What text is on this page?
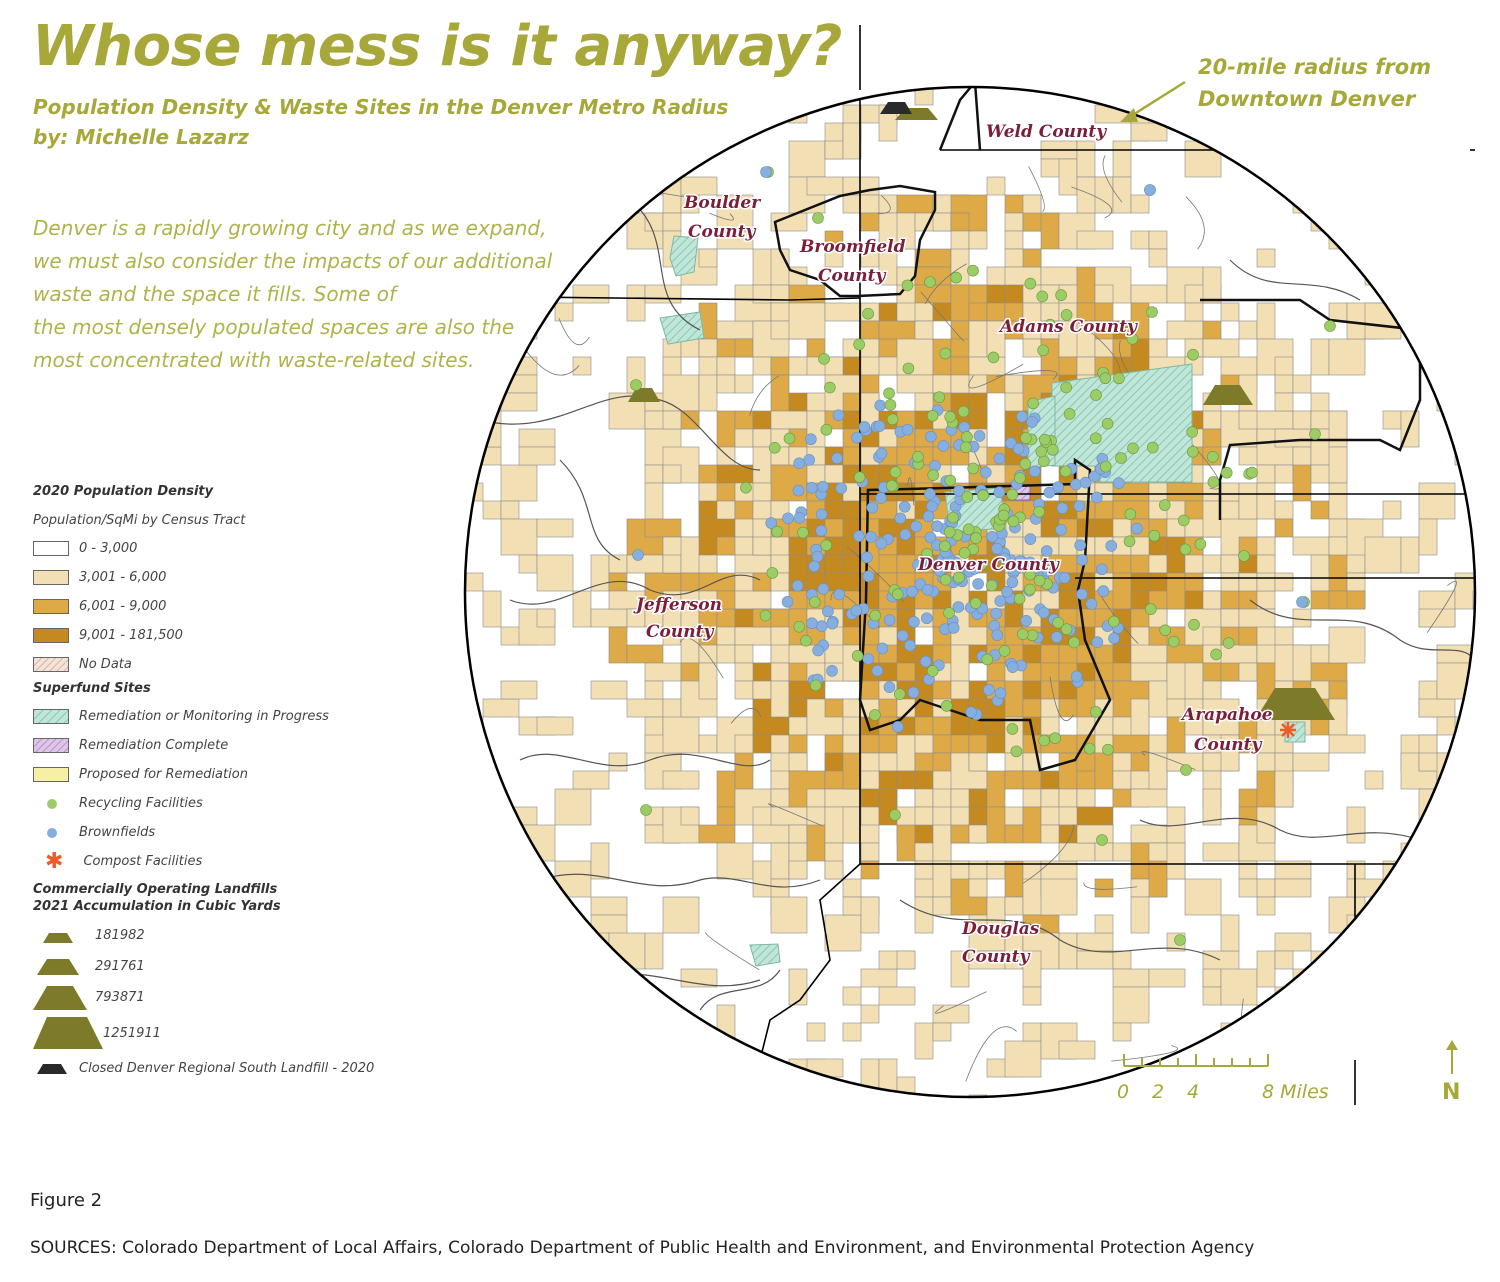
20-mile radius from
Downtown Denver
Weld County
Boulder
County
Broomfield
County
Adams County
Denver County
Jefferson
County
Arapahoe
County
Douglas
County
0 2 4	8 Miles	N
Whose mess is it anyway?
Population Density & Waste Sites in the Denver Metro Radius
by: Michelle Lazarz
Denver is a rapidly growing city and as we expand,
we must also consider the impacts of our additional
waste and the space it fills. Some of
the most densely populated spaces are also the
most concentrated with waste-related sites.
2020 Population Density
Population/SqMi by Census Tract
0 - 3,000
3,001 - 6,000
6,001 - 9,000
9,001 - 181,500
No Data
Superfund Sites
Remediation or Monitoring in Progress
Remediation Complete
Proposed for Remediation
Recycling Facilities
Brownfields
✱ Compost Facilities
Commercially Operating Landfills
2021 Accumulation in Cubic Yards
181982
291761
793871
1251911
Closed Denver Regional South Landfill - 2020
Figure 2
SOURCES: Colorado Department of Local Affairs, Colorado Department of Public Health and Environment, and Environmental Protection Agency
